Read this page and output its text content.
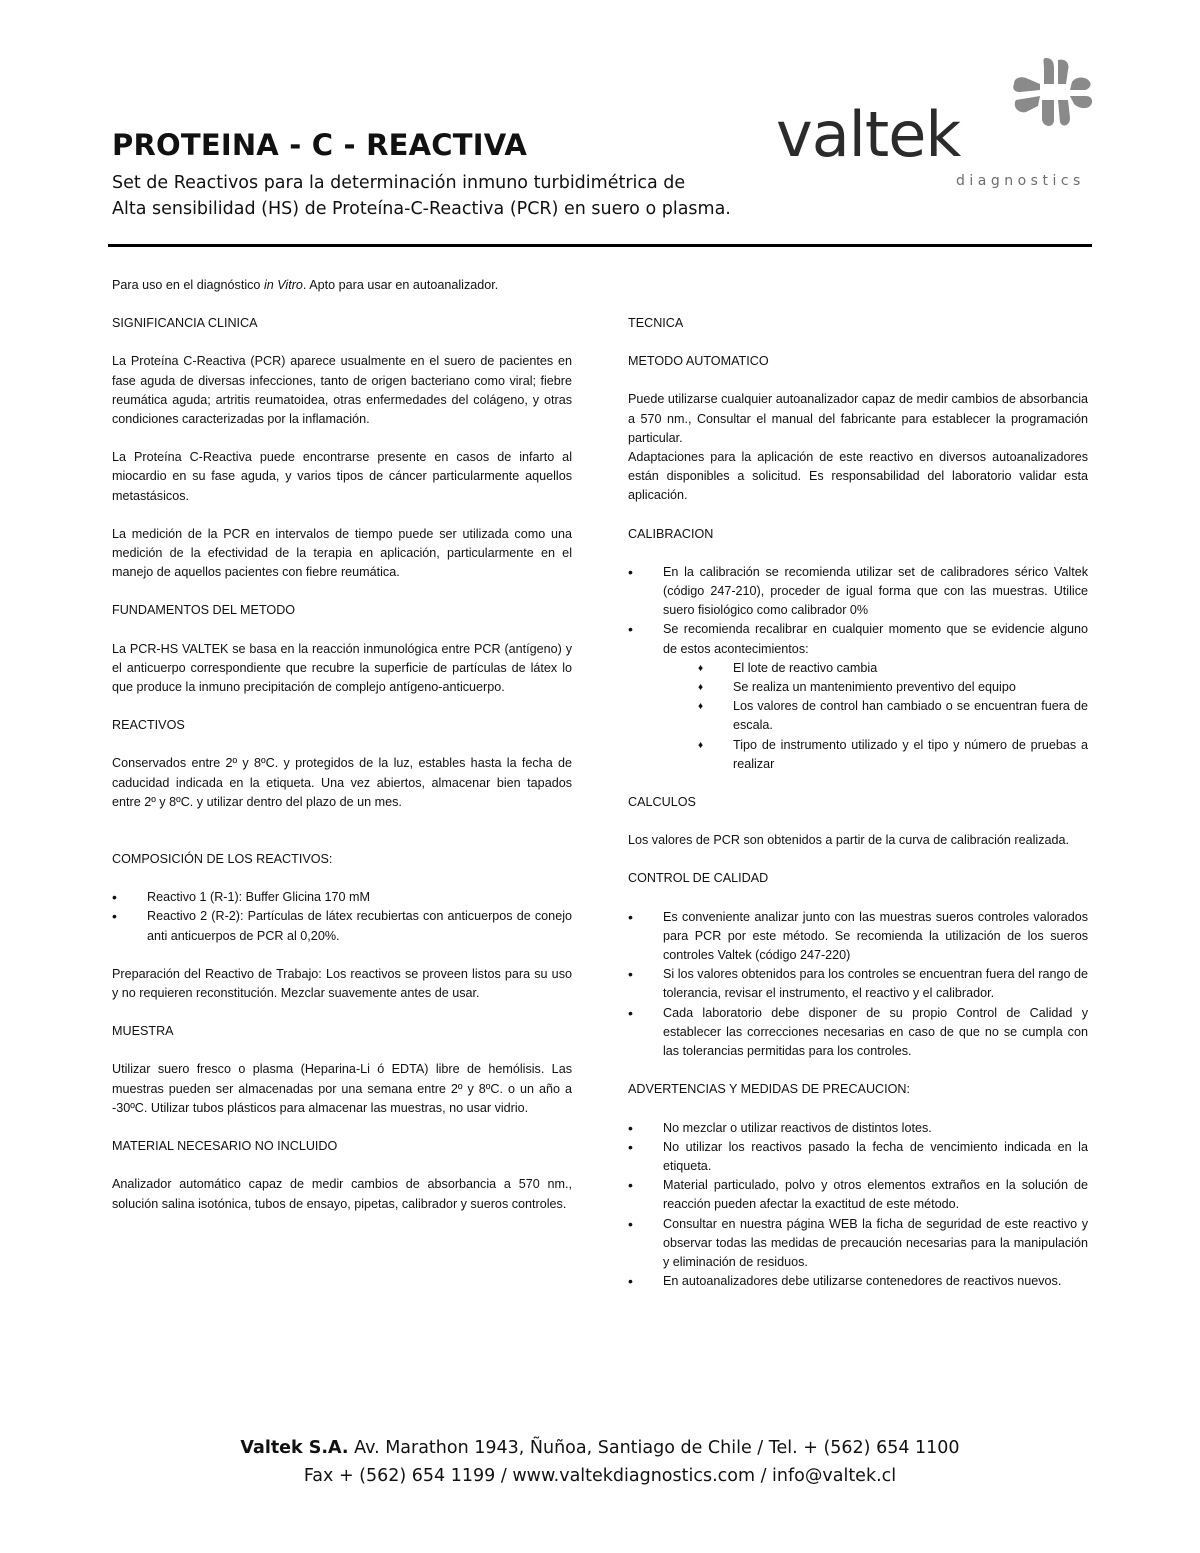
PROTEINA - C - REACTIVA
Set de Reactivos para la determinación inmuno turbidimétrica de
Alta sensibilidad (HS) de Proteína-C-Reactiva (PCR) en suero o plasma.
valtek
diagnostics

Para uso en el diagnóstico in Vitro. Apto para usar en autoanalizador.

SIGNIFICANCIA CLINICA

La Proteína C-Reactiva (PCR) aparece usualmente en el suero de pacientes en fase aguda de diversas infecciones, tanto de origen bacteriano como viral; fiebre reumática aguda; artritis reumatoidea, otras enfermedades del colágeno, y otras condiciones caracterizadas por la inflamación.

La Proteína C-Reactiva puede encontrarse presente en casos de infarto al miocardio en su fase aguda, y varios tipos de cáncer particularmente aquellos metastásicos.

La medición de la PCR en intervalos de tiempo puede ser utilizada como una medición de la efectividad de la terapia en aplicación, particularmente en el manejo de aquellos pacientes con fiebre reumática.

FUNDAMENTOS DEL METODO

La PCR-HS VALTEK se basa en la reacción inmunológica entre PCR (antígeno) y el anticuerpo correspondiente que recubre la superficie de partículas de látex lo que produce la inmuno precipitación de complejo antígeno-anticuerpo.

REACTIVOS

Conservados entre 2º y 8ºC. y protegidos de la luz, estables hasta la fecha de caducidad indicada en la etiqueta. Una vez abiertos, almacenar bien tapados entre 2º y 8ºC. y utilizar dentro del plazo de un mes.

COMPOSICIÓN DE LOS REACTIVOS:
• Reactivo 1 (R-1): Buffer Glicina 170 mM
• Reactivo 2 (R-2): Partículas de látex recubiertas con anticuerpos de conejo anti anticuerpos de PCR al 0,20%.

Preparación del Reactivo de Trabajo: Los reactivos se proveen listos para su uso y no requieren reconstitución. Mezclar suavemente antes de usar.

MUESTRA

Utilizar suero fresco o plasma (Heparina-Li ó EDTA) libre de hemólisis. Las muestras pueden ser almacenadas por una semana entre 2º y 8ºC. o un año a -30ºC. Utilizar tubos plásticos para almacenar las muestras, no usar vidrio.

MATERIAL NECESARIO NO INCLUIDO

Analizador automático capaz de medir cambios de absorbancia a 570 nm., solución salina isotónica, tubos de ensayo, pipetas, calibrador y sueros controles.

TECNICA
METODO AUTOMATICO

Puede utilizarse cualquier autoanalizador capaz de medir cambios de absorbancia a 570 nm., Consultar el manual del fabricante para establecer la programación particular.

Adaptaciones para la aplicación de este reactivo en diversos autoanalizadores están disponibles a solicitud. Es responsabilidad del laboratorio validar esta aplicación.

CALIBRACION
• En la calibración se recomienda utilizar set de calibradores sérico Valtek (código 247-210), proceder de igual forma que con las muestras. Utilice suero fisiológico como calibrador 0%
• Se recomienda recalibrar en cualquier momento que se evidencie alguno de estos acontecimientos:
♦ El lote de reactivo cambia
♦ Se realiza un mantenimiento preventivo del equipo
♦ Los valores de control han cambiado o se encuentran fuera de escala.
♦ Tipo de instrumento utilizado y el tipo y número de pruebas a realizar
CALCULOS

Los valores de PCR son obtenidos a partir de la curva de calibración realizada.

CONTROL DE CALIDAD
• Es conveniente analizar junto con las muestras sueros controles valorados para PCR por este método. Se recomienda la utilización de los sueros controles Valtek (código 247-220)
• Si los valores obtenidos para los controles se encuentran fuera del rango de tolerancia, revisar el instrumento, el reactivo y el calibrador.
• Cada laboratorio debe disponer de su propio Control de Calidad y establecer las correcciones necesarias en caso de que no se cumpla con las tolerancias permitidas para los controles.
ADVERTENCIAS Y MEDIDAS DE PRECAUCION:
• No mezclar o utilizar reactivos de distintos lotes.
• No utilizar los reactivos pasado la fecha de vencimiento indicada en la etiqueta.
• Material particulado, polvo y otros elementos extraños en la solución de reacción pueden afectar la exactitud de este método.
• Consultar en nuestra página WEB la ficha de seguridad de este reactivo y observar todas las medidas de precaución necesarias para la manipulación y eliminación de residuos.
• En autoanalizadores debe utilizarse contenedores de reactivos nuevos.
Valtek S.A. Av. Marathon 1943, Ñuñoa, Santiago de Chile / Tel. + (562) 654 1100
Fax + (562) 654 1199 / www.valtekdiagnostics.com / info@valtek.cl
